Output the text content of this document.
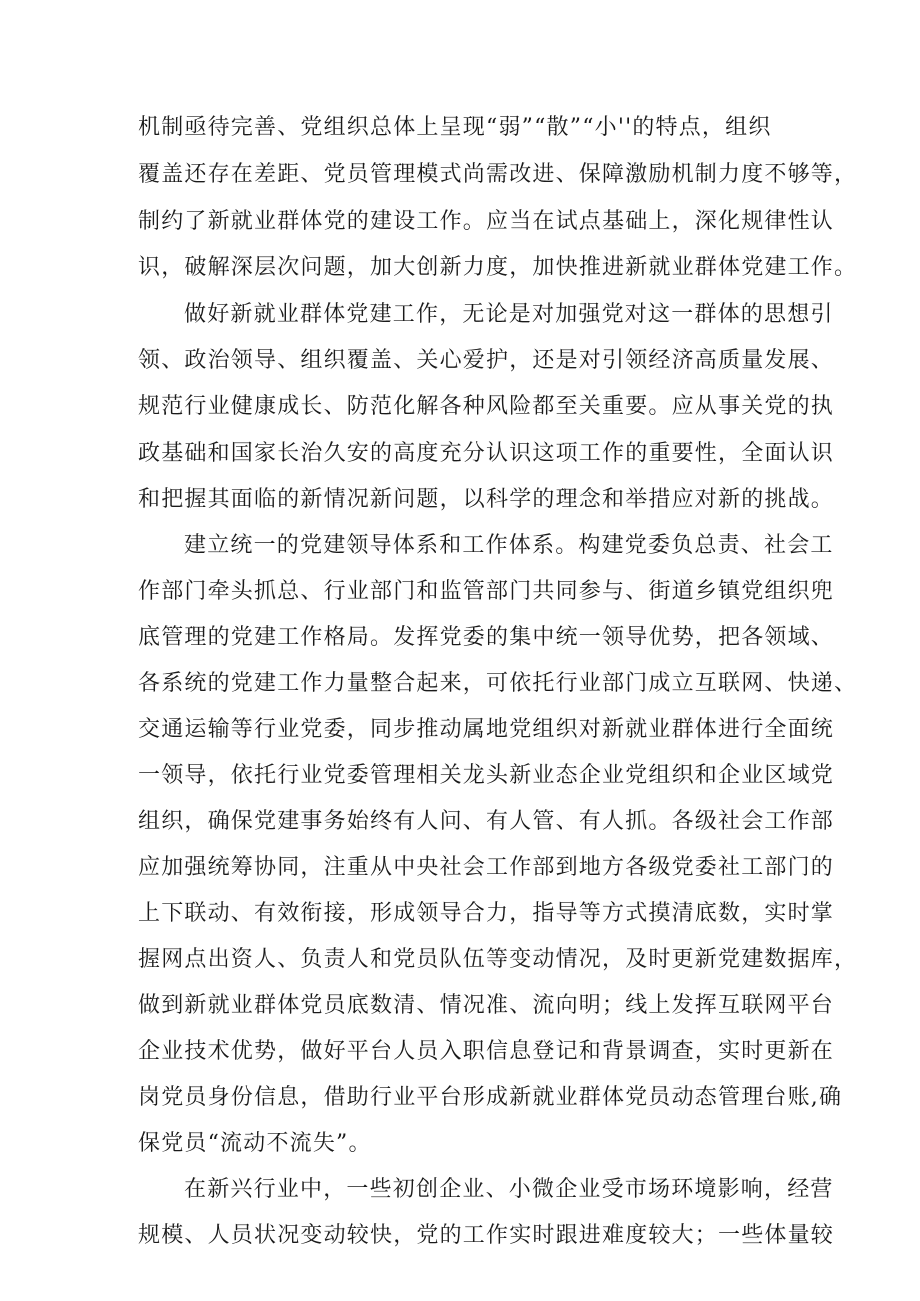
机制亟待完善、党组织总体上呈现“弱”“散”“小''的特点，组织
覆盖还存在差距、党员管理模式尚需改进、保障激励机制力度不够等，
制约了新就业群体党的建设工作。应当在试点基础上，深化规律性认
识，破解深层次问题，加大创新力度，加快推进新就业群体党建工作。
做好新就业群体党建工作，无论是对加强党对这一群体的思想引
领、政治领导、组织覆盖、关心爱护，还是对引领经济高质量发展、
规范行业健康成长、防范化解各种风险都至关重要。应从事关党的执
政基础和国家长治久安的高度充分认识这项工作的重要性，全面认识
和把握其面临的新情况新问题，以科学的理念和举措应对新的挑战。
建立统一的党建领导体系和工作体系。构建党委负总责、社会工
作部门牵头抓总、行业部门和监管部门共同参与、街道乡镇党组织兜
底管理的党建工作格局。发挥党委的集中统一领导优势，把各领域、
各系统的党建工作力量整合起来，可依托行业部门成立互联网、快递、
交通运输等行业党委，同步推动属地党组织对新就业群体进行全面统
一领导，依托行业党委管理相关龙头新业态企业党组织和企业区域党
组织，确保党建事务始终有人问、有人管、有人抓。各级社会工作部
应加强统筹协同，注重从中央社会工作部到地方各级党委社工部门的
上下联动、有效衔接，形成领导合力，指导等方式摸清底数，实时掌
握网点出资人、负责人和党员队伍等变动情况，及时更新党建数据库，
做到新就业群体党员底数清、情况准、流向明；线上发挥互联网平台
企业技术优势，做好平台人员入职信息登记和背景调查，实时更新在
岗党员身份信息，借助行业平台形成新就业群体党员动态管理台账,确
保党员“流动不流失”。
在新兴行业中，一些初创企业、小微企业受市场环境影响，经营
规模、人员状况变动较快，党的工作实时跟进难度较大；一些体量较
